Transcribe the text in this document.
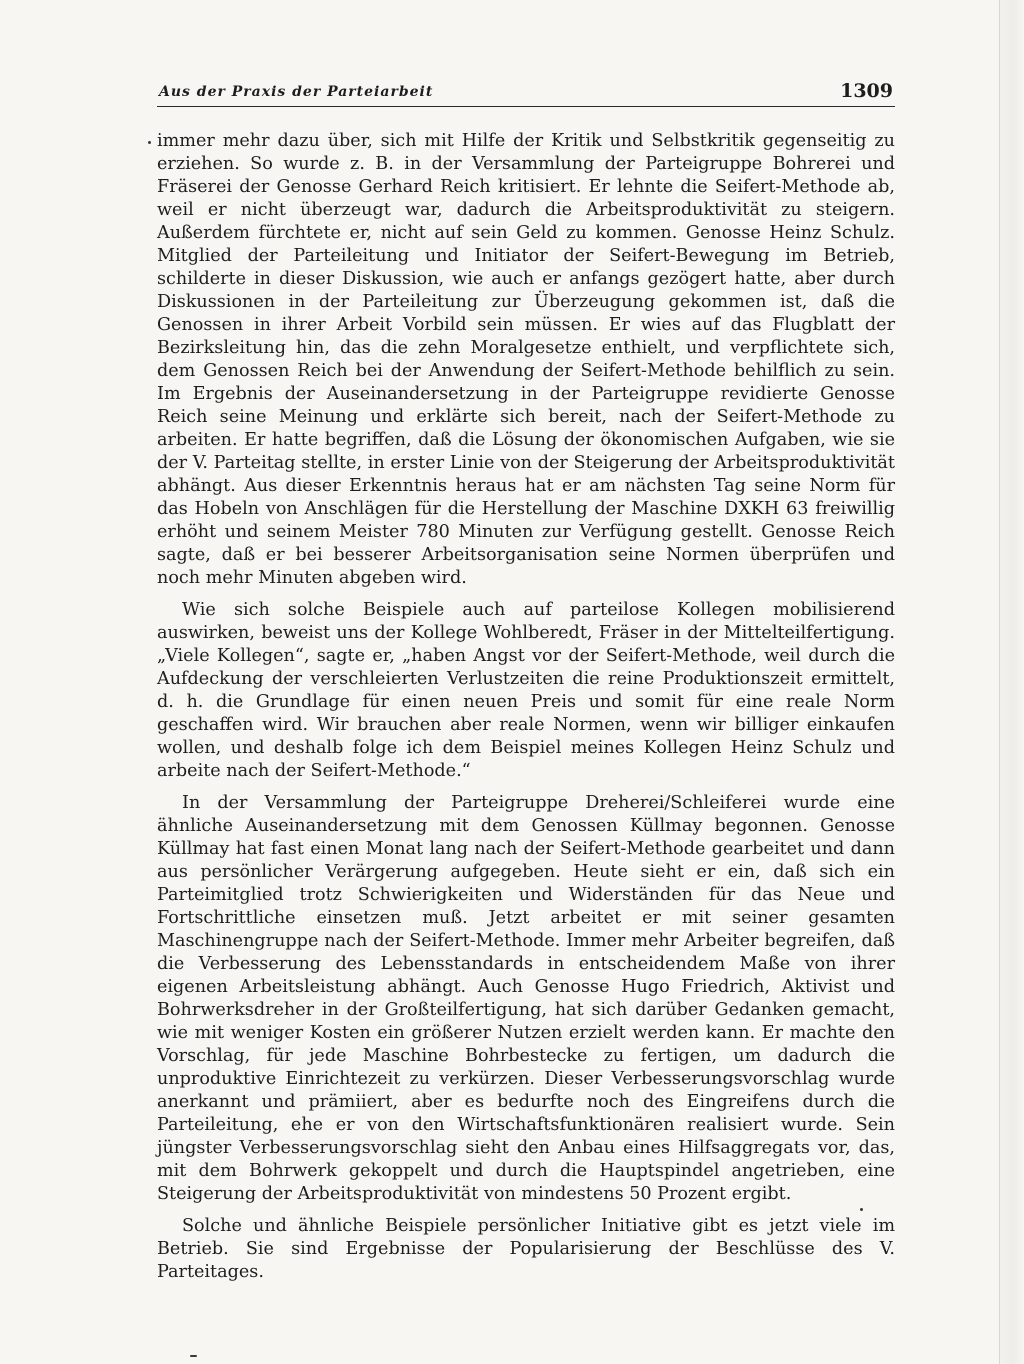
Aus der Praxis der Parteiarbeit	1309

immer mehr dazu über, sich mit Hilfe der Kritik und Selbstkritik gegenseitig zu erziehen. So wurde z. B. in der Versammlung der Parteigruppe Bohrerei und Fräserei der Genosse Gerhard Reich kritisiert. Er lehnte die Seifert-Methode ab, weil er nicht überzeugt war, dadurch die Arbeitsproduktivität zu steigern. Außerdem fürchtete er, nicht auf sein Geld zu kommen. Genosse Heinz Schulz. Mitglied der Parteileitung und Initiator der Seifert-Bewegung im Betrieb, schilderte in dieser Diskussion, wie auch er anfangs gezögert hatte, aber durch Diskussionen in der Parteileitung zur Überzeugung gekommen ist, daß die Genossen in ihrer Arbeit Vorbild sein müssen. Er wies auf das Flugblatt der Bezirksleitung hin, das die zehn Moralgesetze enthielt, und verpflichtete sich, dem Genossen Reich bei der Anwendung der Seifert-Methode behilflich zu sein. Im Ergebnis der Auseinandersetzung in der Parteigruppe revidierte Genosse Reich seine Meinung und erklärte sich bereit, nach der Seifert-Methode zu arbeiten. Er hatte begriffen, daß die Lösung der ökonomischen Aufgaben, wie sie der V. Parteitag stellte, in erster Linie von der Steigerung der Arbeitsproduktivität abhängt. Aus dieser Erkenntnis heraus hat er am nächsten Tag seine Norm für das Hobeln von Anschlägen für die Herstellung der Maschine DXKH 63 freiwillig erhöht und seinem Meister 780 Minuten zur Verfügung gestellt. Genosse Reich sagte, daß er bei besserer Arbeitsorganisation seine Normen überprüfen und noch mehr Minuten abgeben wird.

Wie sich solche Beispiele auch auf parteilose Kollegen mobilisierend auswirken, beweist uns der Kollege Wohlberedt, Fräser in der Mittelteilfertigung. „Viele Kollegen“, sagte er, „haben Angst vor der Seifert-Methode, weil durch die Aufdeckung der verschleierten Verlustzeiten die reine Produktionszeit ermittelt, d. h. die Grundlage für einen neuen Preis und somit für eine reale Norm geschaffen wird. Wir brauchen aber reale Normen, wenn wir billiger einkaufen wollen, und deshalb folge ich dem Beispiel meines Kollegen Heinz Schulz und arbeite nach der Seifert-Methode.“

In der Versammlung der Parteigruppe Dreherei/Schleiferei wurde eine ähnliche Auseinandersetzung mit dem Genossen Küllmay begonnen. Genosse Küllmay hat fast einen Monat lang nach der Seifert-Methode gearbeitet und dann aus persönlicher Verärgerung aufgegeben. Heute sieht er ein, daß sich ein Parteimitglied trotz Schwierigkeiten und Widerständen für das Neue und Fortschrittliche einsetzen muß. Jetzt arbeitet er mit seiner gesamten Maschinengruppe nach der Seifert-Methode. Immer mehr Arbeiter begreifen, daß die Verbesserung des Lebensstandards in entscheidendem Maße von ihrer eigenen Arbeitsleistung abhängt. Auch Genosse Hugo Friedrich, Aktivist und Bohrwerksdreher in der Großteilfertigung, hat sich darüber Gedanken gemacht, wie mit weniger Kosten ein größerer Nutzen erzielt werden kann. Er machte den Vorschlag, für jede Maschine Bohrbestecke zu fertigen, um dadurch die unproduktive Einrichtezeit zu verkürzen. Dieser Verbesserungsvorschlag wurde anerkannt und prämiiert, aber es bedurfte noch des Eingreifens durch die Parteileitung, ehe er von den Wirtschaftsfunktionären realisiert wurde. Sein jüngster Verbesserungsvorschlag sieht den Anbau eines Hilfsaggregats vor, das, mit dem Bohrwerk gekoppelt und durch die Hauptspindel angetrieben, eine Steigerung der Arbeitsproduktivität von mindestens 50 Prozent ergibt.

Solche und ähnliche Beispiele persönlicher Initiative gibt es jetzt viele im Betrieb. Sie sind Ergebnisse der Popularisierung der Beschlüsse des V. Parteitages.
